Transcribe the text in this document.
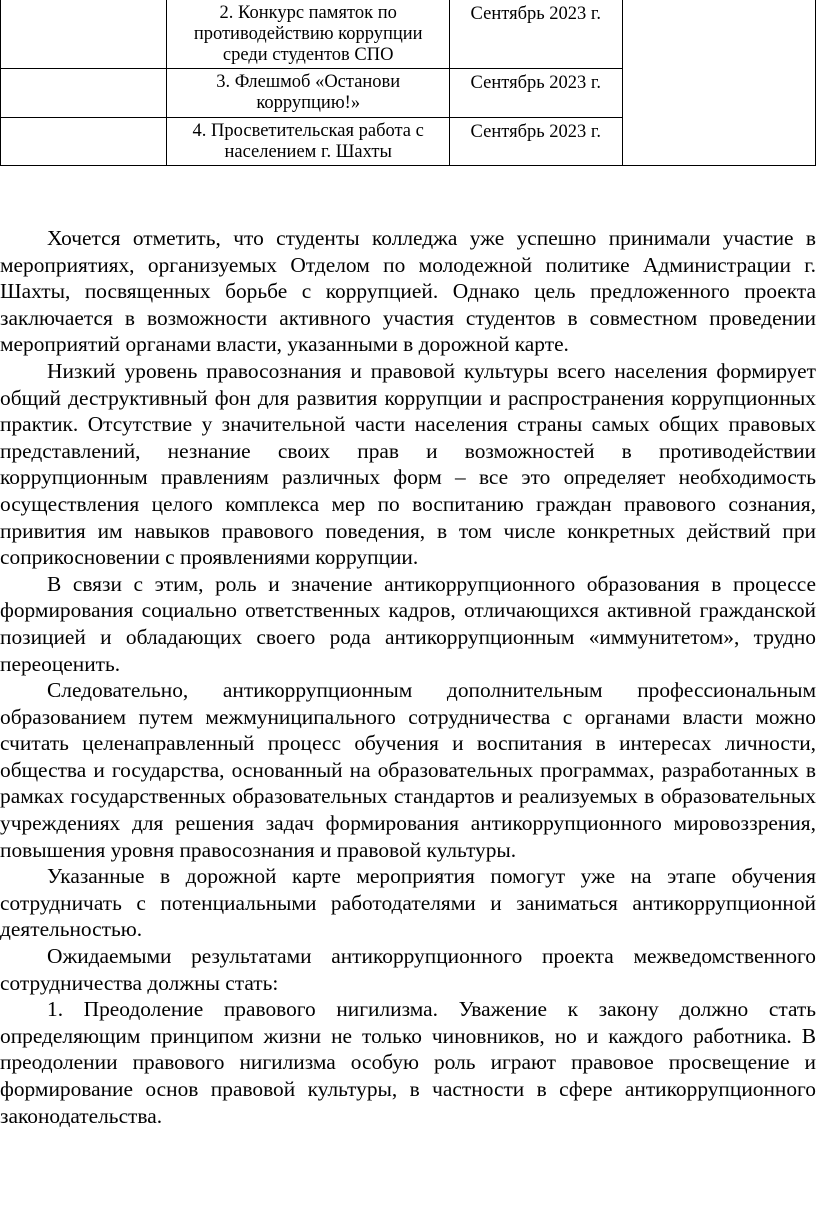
	2. Конкурс памяток по противодействию коррупции среди студентов СПО	Сентябрь 2023 г.	
	3. Флешмоб «Останови коррупцию!»	Сентябрь 2023 г.	
	4. Просветительская работа с населением г. Шахты	Сентябрь 2023 г.	

Хочется отметить, что студенты колледжа уже успешно принимали участие в мероприятиях, организуемых Отделом по молодежной политике Администрации г. Шахты, посвященных борьбе с коррупцией. Однако цель предложенного проекта заключается в возможности активного участия студентов в совместном проведении мероприятий органами власти, указанными в дорожной карте.

Низкий уровень правосознания и правовой культуры всего населения формирует общий деструктивный фон для развития коррупции и распространения коррупционных практик. Отсутствие у значительной части населения страны самых общих правовых представлений, незнание своих прав и возможностей в противодействии коррупционным правлениям различных форм – все это определяет необходимость осуществления целого комплекса мер по воспитанию граждан правового сознания, привития им навыков правового поведения, в том числе конкретных действий при соприкосновении с проявлениями коррупции.

В связи с этим, роль и значение антикоррупционного образования в процессе формирования социально ответственных кадров, отличающихся активной гражданской позицией и обладающих своего рода антикоррупционным «иммунитетом», трудно переоценить.

Следовательно, антикоррупционным дополнительным профессиональным образованием путем межмуниципального сотрудничества с органами власти можно считать целенаправленный процесс обучения и воспитания в интересах личности, общества и государства, основанный на образовательных программах, разработанных в рамках государственных образовательных стандартов и реализуемых в образовательных учреждениях для решения задач формирования антикоррупционного мировоззрения, повышения уровня правосознания и правовой культуры.

Указанные в дорожной карте мероприятия помогут уже на этапе обучения сотрудничать с потенциальными работодателями и заниматься антикоррупционной деятельностью.

Ожидаемыми результатами антикоррупционного проекта межведомственного сотрудничества должны стать:

1. Преодоление правового нигилизма. Уважение к закону должно стать определяющим принципом жизни не только чиновников, но и каждого работника. В преодолении правового нигилизма особую роль играют правовое просвещение и формирование основ правовой культуры, в частности в сфере антикоррупционного законодательства.
